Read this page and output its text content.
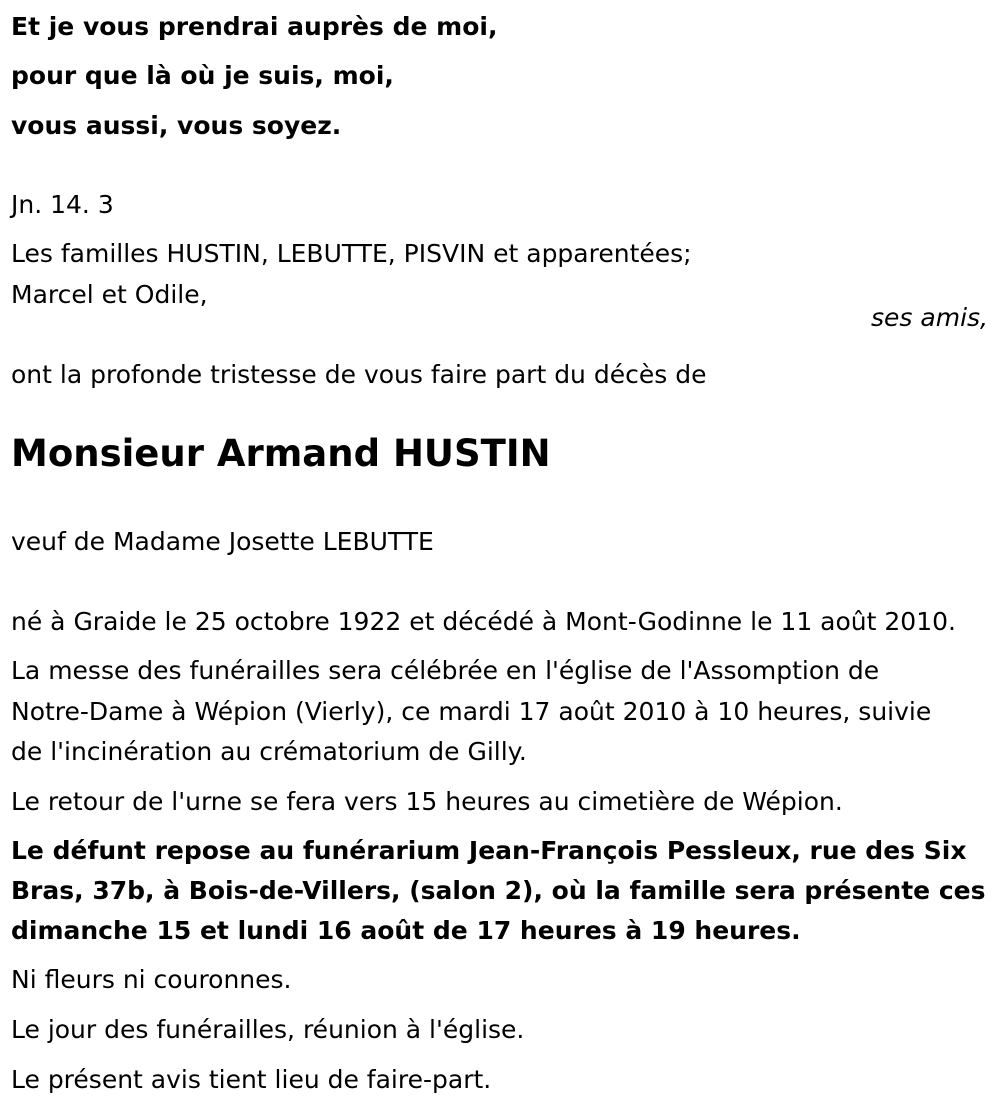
Et je vous prendrai auprès de moi,
pour que là où je suis, moi,
vous aussi, vous soyez.
Jn. 14. 3
Les familles HUSTIN, LEBUTTE, PISVIN et apparentées;
Marcel et Odile,
ses amis,
ont la profonde tristesse de vous faire part du décès de
Monsieur Armand HUSTIN
veuf de Madame Josette LEBUTTE
né à Graide le 25 octobre 1922 et décédé à Mont-Godinne le 11 août 2010.
La messe des funérailles sera célébrée en l'église de l'Assomption de
Notre-Dame à Wépion (Vierly), ce mardi 17 août 2010 à 10 heures, suivie
de l'incinération au crématorium de Gilly.
Le retour de l'urne se fera vers 15 heures au cimetière de Wépion.
Le défunt repose au funérarium Jean-François Pessleux, rue des Six
Bras, 37b, à Bois-de-Villers, (salon 2), où la famille sera présente ces
dimanche 15 et lundi 16 août de 17 heures à 19 heures.
Ni fleurs ni couronnes.
Le jour des funérailles, réunion à l'église.
Le présent avis tient lieu de faire-part.
